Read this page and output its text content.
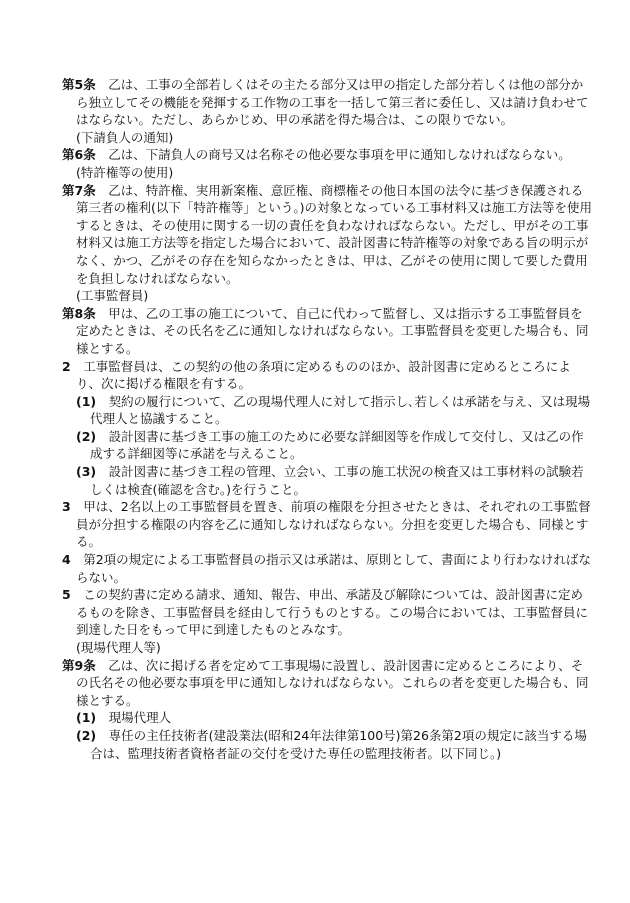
第5条　乙は、工事の全部若しくはその主たる部分又は甲の指定した部分若しくは他の部分から独立してその機能を発揮する工作物の工事を一括して第三者に委任し、又は請け負わせてはならない。ただし、あらかじめ、甲の承諾を得た場合は、この限りでない。

(下請負人の通知)

第6条　乙は、下請負人の商号又は名称その他必要な事項を甲に通知しなければならない。

(特許権等の使用)

第7条　乙は、特許権、実用新案権、意匠権、商標権その他日本国の法令に基づき保護される第三者の権利(以下「特許権等」という。)の対象となっている工事材料又は施工方法等を使用するときは、その使用に関する一切の責任を負わなければならない。ただし、甲がその工事材料又は施工方法等を指定した場合において、設計図書に特許権等の対象である旨の明示がなく、かつ、乙がその存在を知らなかったときは、甲は、乙がその使用に関して要した費用を負担しなければならない。

(工事監督員)

第8条　甲は、乙の工事の施工について、自己に代わって監督し、又は指示する工事監督員を定めたときは、その氏名を乙に通知しなければならない。工事監督員を変更した場合も、同様とする。

2　工事監督員は、この契約の他の条項に定めるもののほか、設計図書に定めるところにより、次に掲げる権限を有する。

(1)　契約の履行について、乙の現場代理人に対して指示し､若しくは承諾を与え、又は現場代理人と協議すること。

(2)　設計図書に基づき工事の施工のために必要な詳細図等を作成して交付し、又は乙の作成する詳細図等に承諾を与えること。

(3)　設計図書に基づき工程の管理、立会い、工事の施工状況の検査又は工事材料の試験若しくは検査(確認を含む。)を行うこと。

3　甲は、2名以上の工事監督員を置き、前項の権限を分担させたときは、それぞれの工事監督員が分担する権限の内容を乙に通知しなければならない。分担を変更した場合も、同様とする。

4　第2項の規定による工事監督員の指示又は承諾は、原則として、書面により行わなければならない。

5　この契約書に定める請求、通知、報告、申出、承諾及び解除については、設計図書に定めるものを除き、工事監督員を経由して行うものとする。この場合においては、工事監督員に到達した日をもって甲に到達したものとみなす。

(現場代理人等)

第9条　乙は、次に掲げる者を定めて工事現場に設置し、設計図書に定めるところにより、その氏名その他必要な事項を甲に通知しなければならない。これらの者を変更した場合も、同様とする。

(1)　現場代理人

(2)　専任の主任技術者(建設業法(昭和24年法律第100号)第26条第2項の規定に該当する場合は、監理技術者資格者証の交付を受けた専任の監理技術者。以下同じ。)
